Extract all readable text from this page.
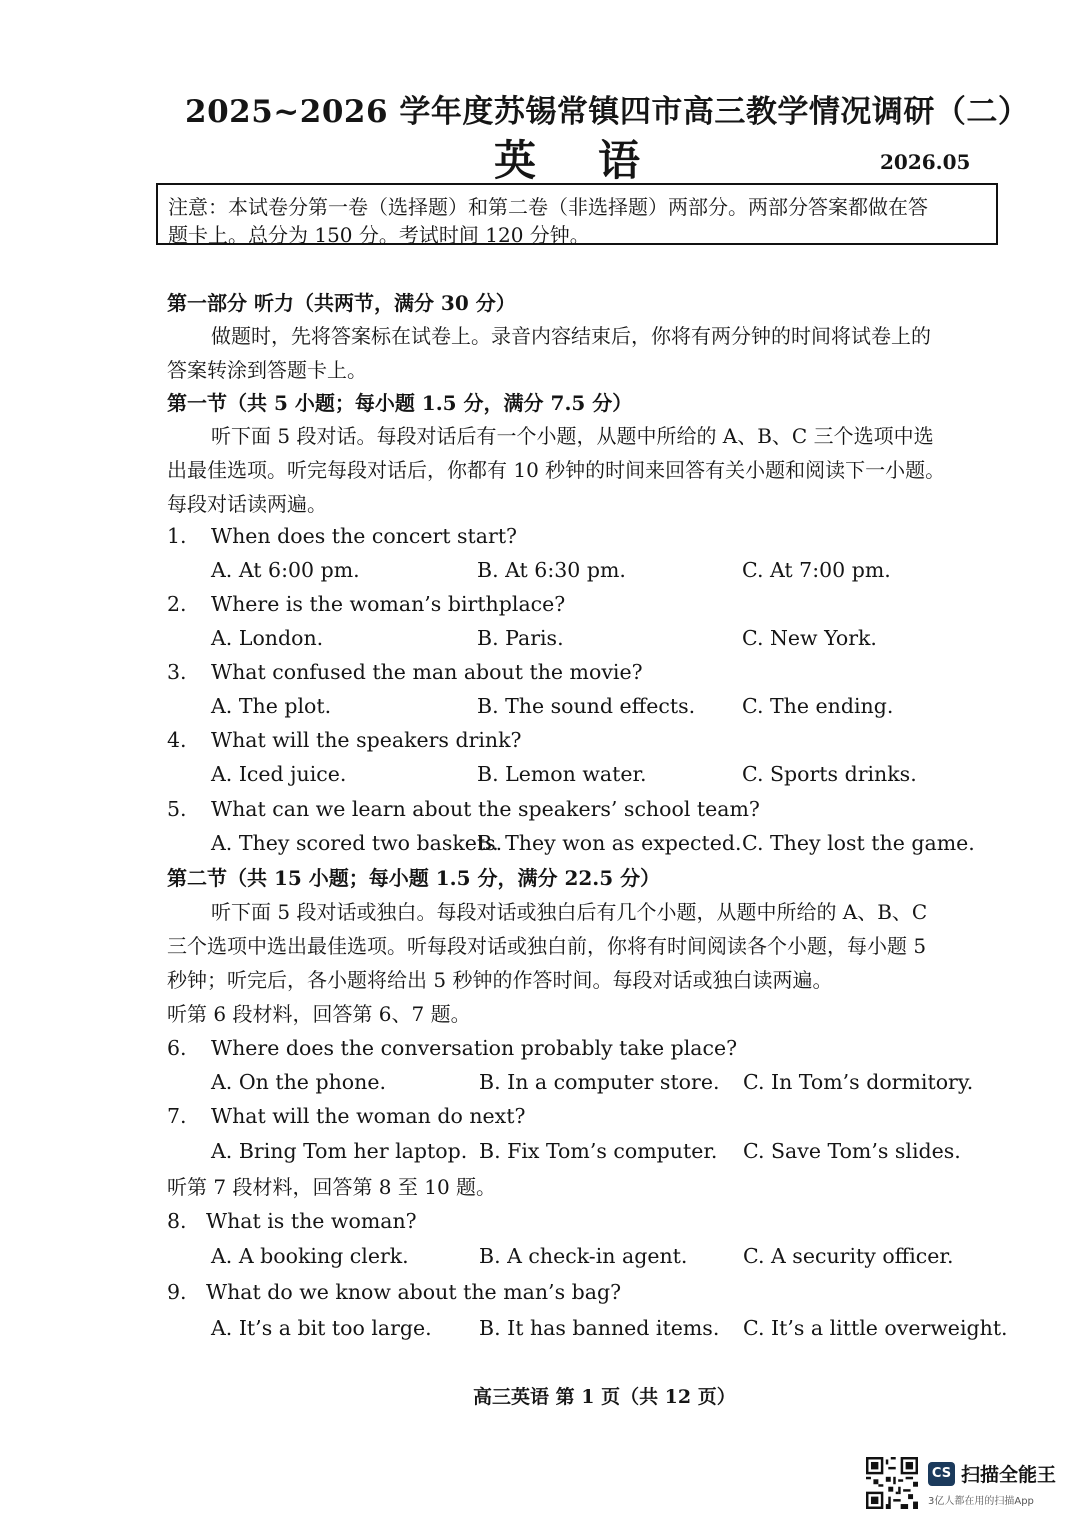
2025~2026 学年度苏锡常镇四市高三教学情况调研（二）
英语	2026.05
注意：本试卷分第一卷（选择题）和第二卷（非选择题）两部分。两部分答案都做在答
题卡上。总分为 150 分。考试时间 120 分钟。
第一部分 听力（共两节，满分 30 分）
做题时，先将答案标在试卷上。录音内容结束后，你将有两分钟的时间将试卷上的
答案转涂到答题卡上。
第一节（共 5 小题；每小题 1.5 分，满分 7.5 分）
听下面 5 段对话。每段对话后有一个小题，从题中所给的 A、B、C 三个选项中选
出最佳选项。听完每段对话后，你都有 10 秒钟的时间来回答有关小题和阅读下一小题。
每段对话读两遍。
1. When does the concert start?
A. At 6:00 pm.	B. At 6:30 pm.	C. At 7:00 pm.
2. Where is the woman’s birthplace?
A. London.	B. Paris.	C. New York.
3. What confused the man about the movie?
A. The plot.	B. The sound effects. C. The ending.
4. What will the speakers drink?
A. Iced juice.	B. Lemon water.	C. Sports drinks.
5. What can we learn about the speakers’ school team?
A. They scored two baskets.
B. They won as expected. C. They lost the game.
第二节（共 15 小题；每小题 1.5 分，满分 22.5 分）
听下面 5 段对话或独白。每段对话或独白后有几个小题，从题中所给的 A、B、C
三个选项中选出最佳选项。听每段对话或独白前，你将有时间阅读各个小题，每小题 5
秒钟；听完后，各小题将给出 5 秒钟的作答时间。每段对话或独白读两遍。
听第 6 段材料，回答第 6、7 题。
6. Where does the conversation probably take place?
A. On the phone.	B. In a computer store. C. In Tom’s dormitory.
7. What will the woman do next?
A. Bring Tom her laptop. B. Fix Tom’s computer. C. Save Tom’s slides.
听第 7 段材料，回答第 8 至 10 题。
8. What is the woman?
A. A booking clerk.	B. A check-in agent.	C. A security officer.
9. What do we know about the man’s bag?
A. It’s a bit too large. B. It has banned items. C. It’s a little overweight.
高三英语 第 1 页（共 12 页）
CS 扫描全能王
3亿人都在用的扫描App
